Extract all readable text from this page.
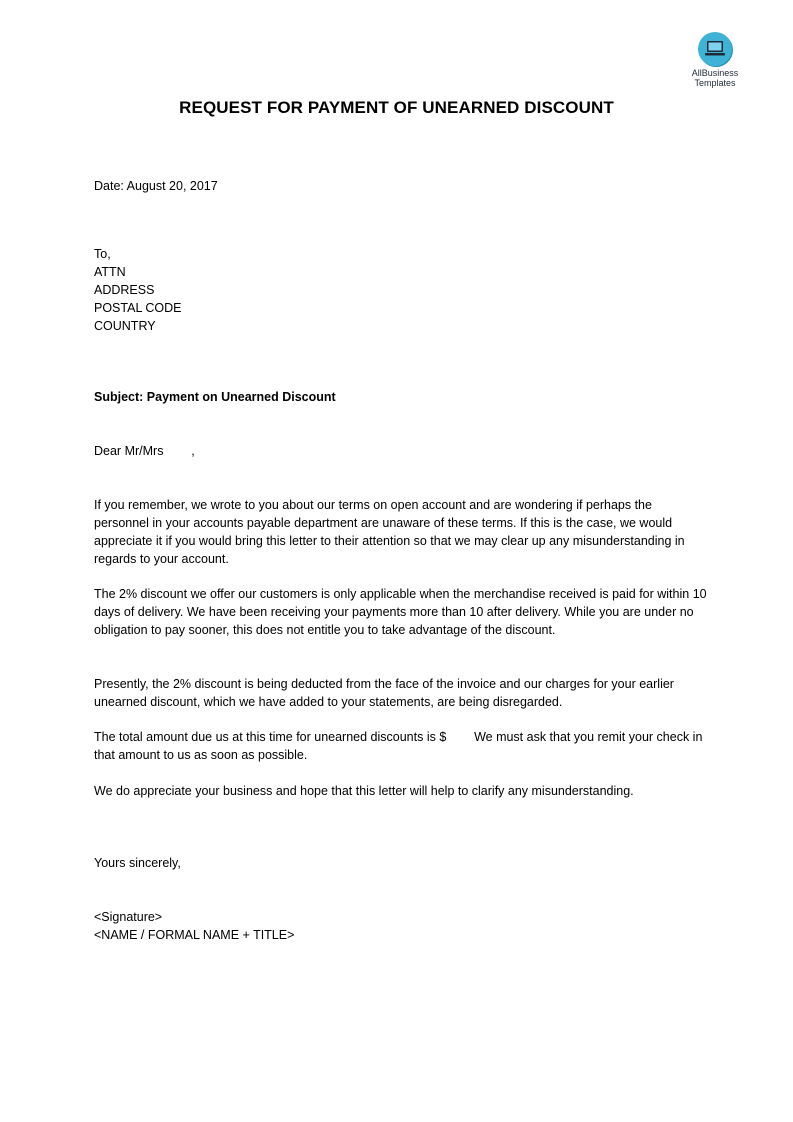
AllBusiness
Templates
REQUEST FOR PAYMENT OF UNEARNED DISCOUNT

Date: August 20, 2017

To,
ATTN
ADDRESS
POSTAL CODE
COUNTRY

Subject: Payment on Unearned Discount

Dear Mr/Mrs        ,

If you remember, we wrote to you about our terms on open account and are wondering if perhaps the personnel in your accounts payable department are unaware of these terms. If this is the case, we would appreciate it if you would bring this letter to their attention so that we may clear up any misunderstanding in regards to your account.

The 2% discount we offer our customers is only applicable when the merchandise received is paid for within 10 days of delivery. We have been receiving your payments more than 10 after delivery. While you are under no obligation to pay sooner, this does not entitle you to take advantage of the discount.

Presently, the 2% discount is being deducted from the face of the invoice and our charges for your earlier unearned discount, which we have added to your statements, are being disregarded.

The total amount due us at this time for unearned discounts is $        We must ask that you remit your check in that amount to us as soon as possible.

We do appreciate your business and hope that this letter will help to clarify any misunderstanding.

Yours sincerely,

<Signature>
<NAME / FORMAL NAME + TITLE>
